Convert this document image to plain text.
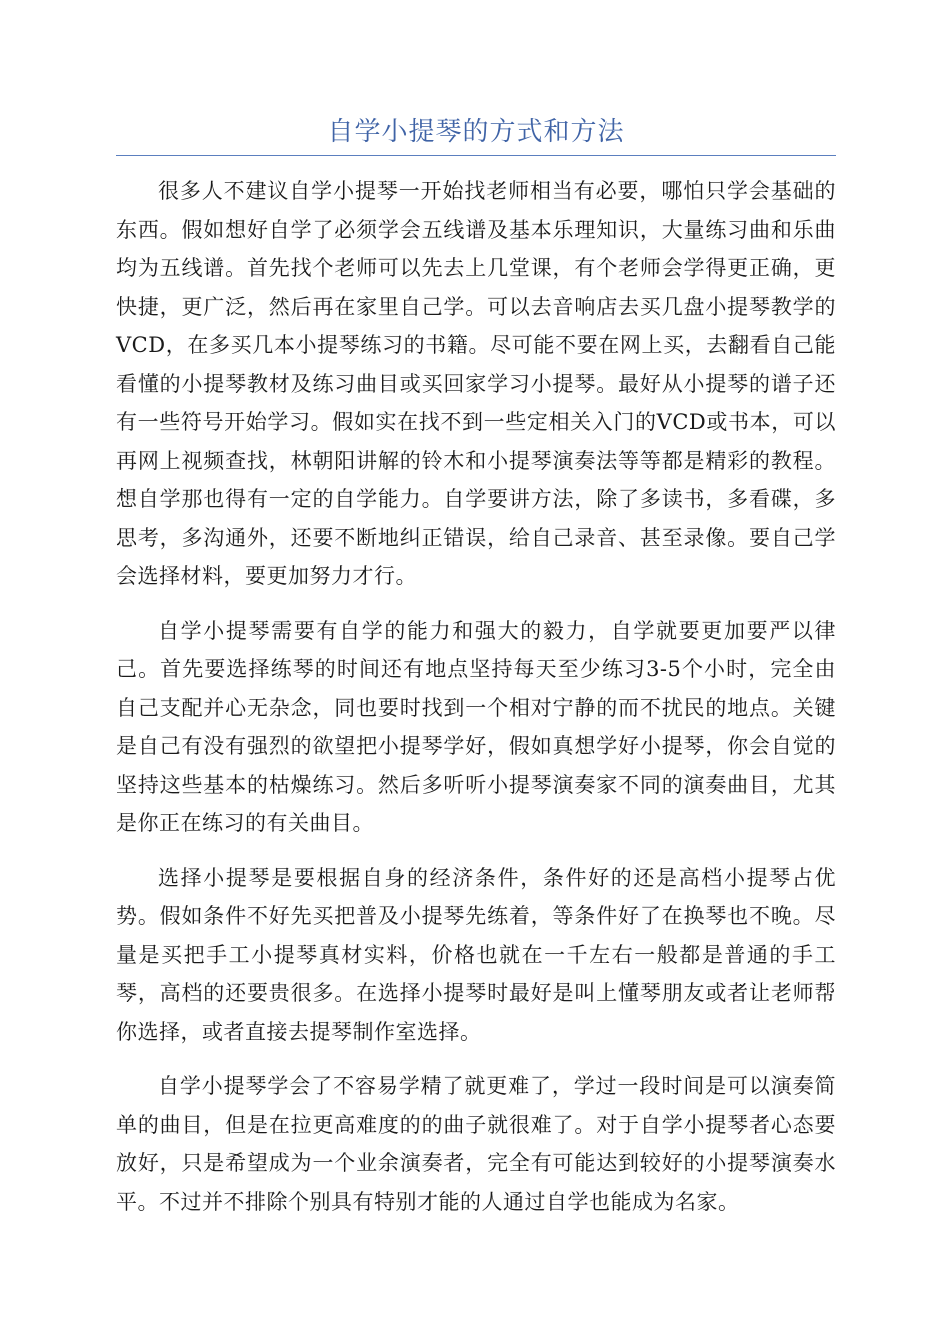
自学小提琴的方式和方法

很多人不建议自学小提琴一开始找老师相当有必要，哪怕只学会基础的东西。假如想好自学了必须学会五线谱及基本乐理知识，大量练习曲和乐曲均为五线谱。首先找个老师可以先去上几堂课，有个老师会学得更正确，更快捷，更广泛，然后再在家里自己学。可以去音响店去买几盘小提琴教学的VCD，在多买几本小提琴练习的书籍。尽可能不要在网上买，去翻看自己能看懂的小提琴教材及练习曲目或买回家学习小提琴。最好从小提琴的谱子还有一些符号开始学习。假如实在找不到一些定相关入门的VCD或书本，可以再网上视频查找，林朝阳讲解的铃木和小提琴演奏法等等都是精彩的教程。想自学那也得有一定的自学能力。自学要讲方法，除了多读书，多看碟，多思考，多沟通外，还要不断地纠正错误，给自己录音、甚至录像。要自己学会选择材料，要更加努力才行。

自学小提琴需要有自学的能力和强大的毅力，自学就要更加要严以律己。首先要选择练琴的时间还有地点坚持每天至少练习3-5个小时，完全由自己支配并心无杂念，同也要时找到一个相对宁静的而不扰民的地点。关键是自己有没有强烈的欲望把小提琴学好，假如真想学好小提琴，你会自觉的坚持这些基本的枯燥练习。然后多听听小提琴演奏家不同的演奏曲目，尤其是你正在练习的有关曲目。

选择小提琴是要根据自身的经济条件，条件好的还是高档小提琴占优势。假如条件不好先买把普及小提琴先练着，等条件好了在换琴也不晚。尽量是买把手工小提琴真材实料，价格也就在一千左右一般都是普通的手工琴，高档的还要贵很多。在选择小提琴时最好是叫上懂琴朋友或者让老师帮你选择，或者直接去提琴制作室选择。

自学小提琴学会了不容易学精了就更难了，学过一段时间是可以演奏简单的曲目，但是在拉更高难度的的曲子就很难了。对于自学小提琴者心态要放好，只是希望成为一个业余演奏者，完全有可能达到较好的小提琴演奏水平。不过并不排除个别具有特别才能的人通过自学也能成为名家。
